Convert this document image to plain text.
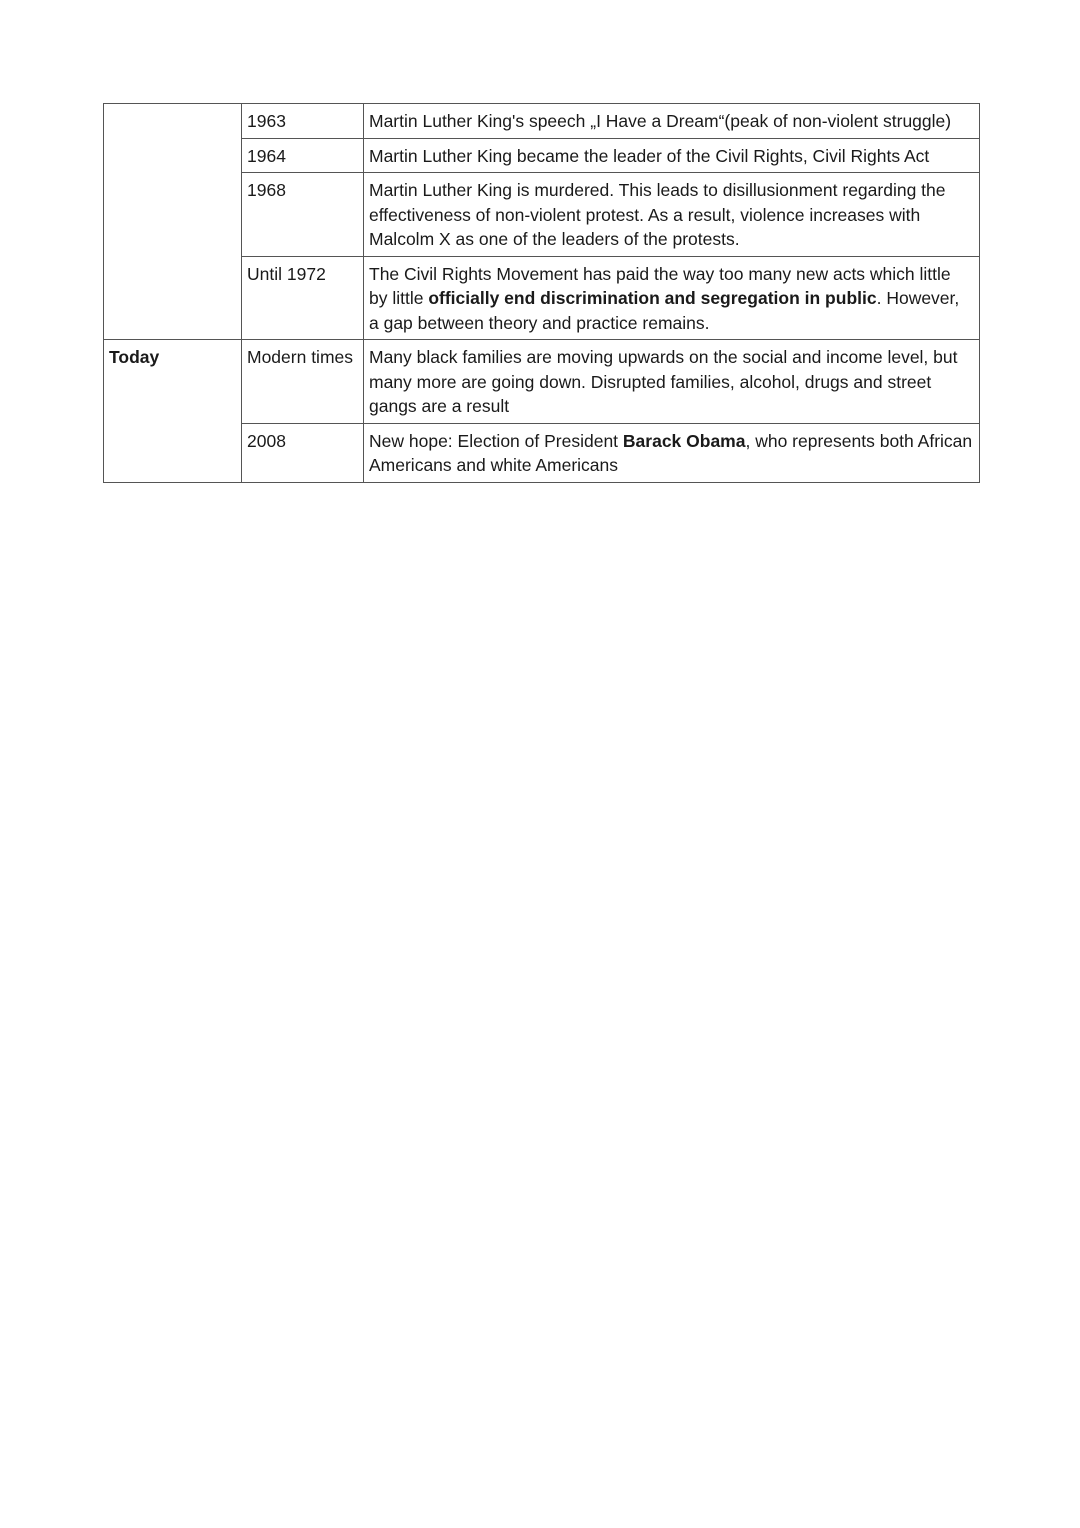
	1963	Martin Luther King's speech „I Have a Dream“(peak of non-violent struggle)
	1964	Martin Luther King became the leader of the Civil Rights, Civil Rights Act
	1968	Martin Luther King is murdered. This leads to disillusionment regarding the effectiveness of non-violent protest. As a result, violence increases with Malcolm X as one of the leaders of the protests.
	Until 1972	The Civil Rights Movement has paid the way too many new acts which little by little officially end discrimination and segregation in public. However, a gap between theory and practice remains.
Today	Modern times	Many black families are moving upwards on the social and income level, but many more are going down. Disrupted families, alcohol, drugs and street gangs are a result
	2008	New hope: Election of President Barack Obama, who represents both African Americans and white Americans
